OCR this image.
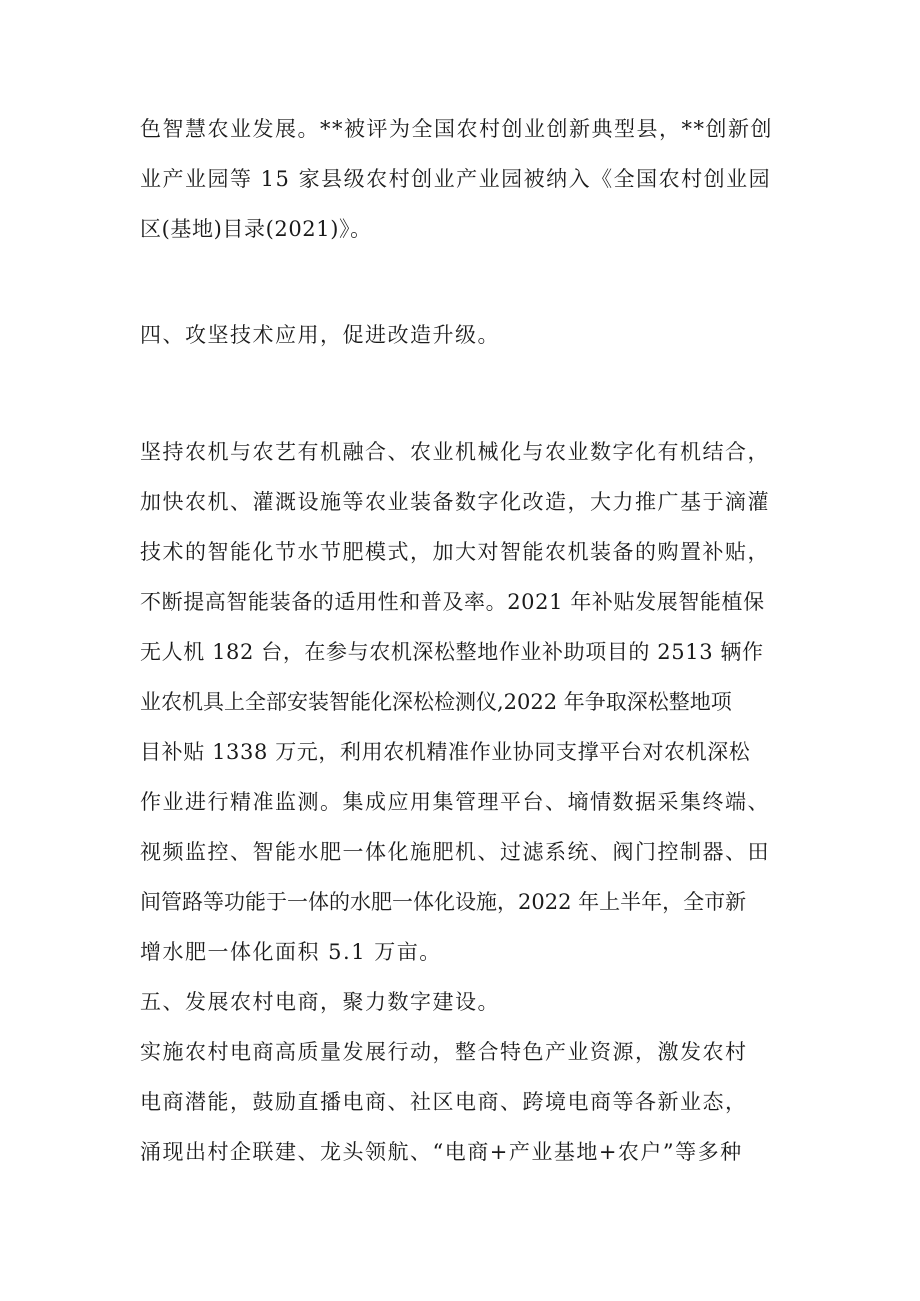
色智慧农业发展。**被评为全国农村创业创新典型县，**创新创
业产业园等 15 家县级农村创业产业园被纳入《全国农村创业园
区(基地)目录(2021)》。
四、攻坚技术应用，促进改造升级。
坚持农机与农艺有机融合、农业机械化与农业数字化有机结合，
加快农机、灌溉设施等农业装备数字化改造，大力推广基于滴灌
技术的智能化节水节肥模式，加大对智能农机装备的购置补贴，
不断提高智能装备的适用性和普及率。2021 年补贴发展智能植保
无人机 182 台，在参与农机深松整地作业补助项目的 2513 辆作
业农机具上全部安装智能化深松检测仪,2022 年争取深松整地项
目补贴 1338 万元，利用农机精准作业协同支撑平台对农机深松
作业进行精准监测。集成应用集管理平台、墒情数据采集终端、
视频监控、智能水肥一体化施肥机、过滤系统、阀门控制器、田
间管路等功能于一体的水肥一体化设施，2022 年上半年，全市新
增水肥一体化面积 5.1 万亩。
五、发展农村电商，聚力数字建设。
实施农村电商高质量发展行动，整合特色产业资源，激发农村
电商潜能，鼓励直播电商、社区电商、跨境电商等各新业态，
涌现出村企联建、龙头领航、“电商+产业基地+农户”等多种
